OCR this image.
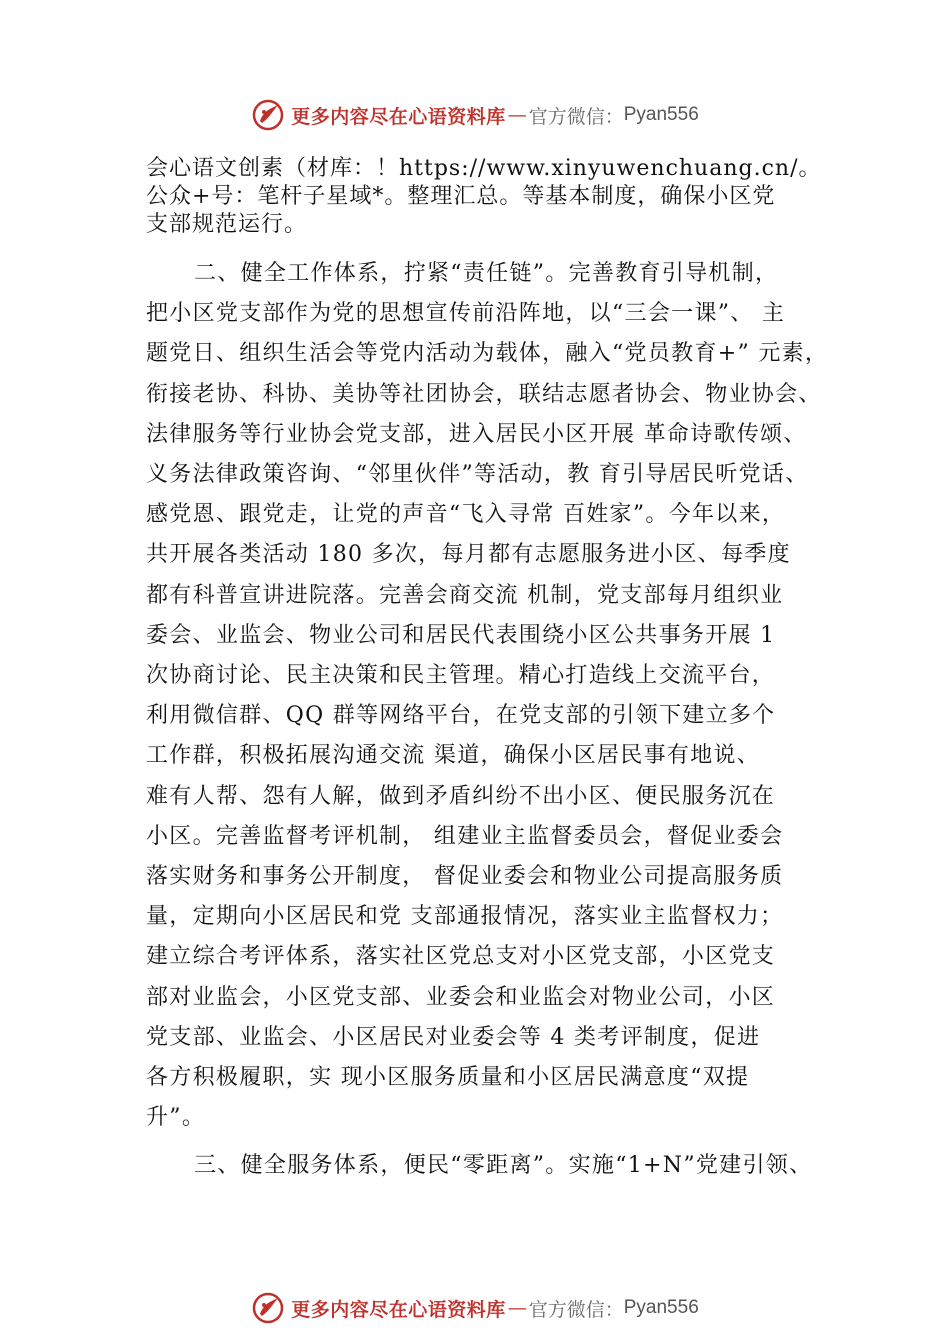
更多内容尽在心语资料库 — 官方微信： Pyan556
会心语文创素（材库：！https://www.xinyuwenchuang.cn/。
公众+号：笔杆子星域*。整理汇总。等基本制度，确保小区党
支部规范运行。
二、健全工作体系，拧紧“责任链”。完善教育引导机制，
把小区党支部作为党的思想宣传前沿阵地，以“三会一课”、 主
题党日、组织生活会等党内活动为载体，融入“党员教育+” 元素，
衔接老协、科协、美协等社团协会，联结志愿者协会、物业协会、
法律服务等行业协会党支部，进入居民小区开展 革命诗歌传颂、
义务法律政策咨询、“邻里伙伴”等活动，教 育引导居民听党话、
感党恩、跟党走，让党的声音“飞入寻常 百姓家”。今年以来，
共开展各类活动 180 多次，每月都有志愿服务进小区、每季度
都有科普宣讲进院落。完善会商交流 机制，党支部每月组织业
委会、业监会、物业公司和居民代表围绕小区公共事务开展 1
次协商讨论、民主决策和民主管理。精心打造线上交流平台，
利用微信群、QQ 群等网络平台，在党支部的引领下建立多个
工作群，积极拓展沟通交流 渠道，确保小区居民事有地说、
难有人帮、怨有人解，做到矛盾纠纷不出小区、便民服务沉在
小区。完善监督考评机制， 组建业主监督委员会，督促业委会
落实财务和事务公开制度， 督促业委会和物业公司提高服务质
量，定期向小区居民和党 支部通报情况，落实业主监督权力；
建立综合考评体系，落实社区党总支对小区党支部，小区党支
部对业监会，小区党支部、业委会和业监会对物业公司，小区
党支部、业监会、小区居民对业委会等 4 类考评制度，促进
各方积极履职，实 现小区服务质量和小区居民满意度“双提
升”。
三、健全服务体系，便民“零距离”。实施“1+N”党建引领、
更多内容尽在心语资料库 — 官方微信： Pyan556
